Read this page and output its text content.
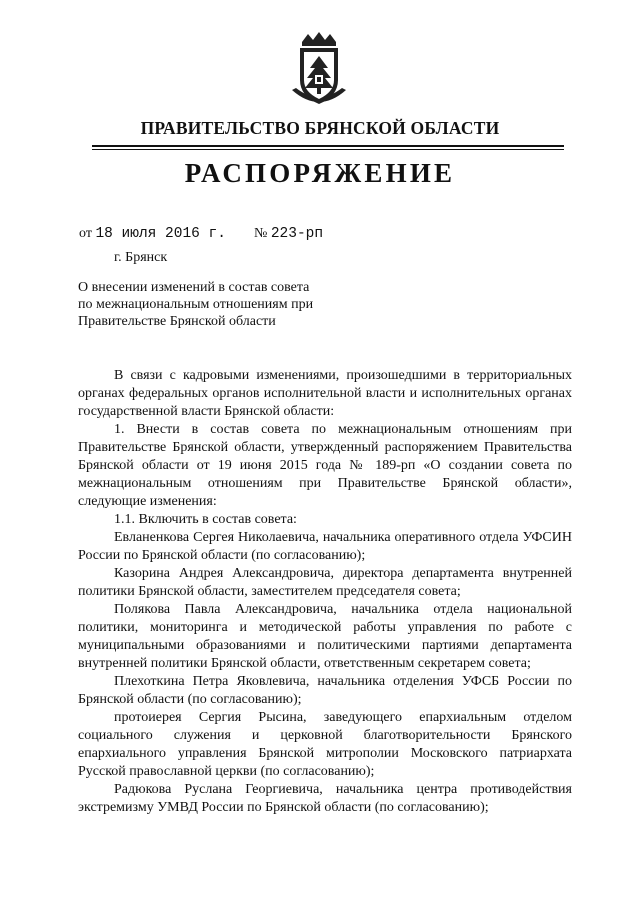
ПРАВИТЕЛЬСТВО БРЯНСКОЙ ОБЛАСТИ
РАСПОРЯЖЕНИЕ
от 18 июля 2016 г. № 223-рп
г. Брянск
О внесении изменений в состав совета
по межнациональным отношениям при
Правительстве Брянской области

В связи с кадровыми изменениями, произошедшими в территориальных органах федеральных органов исполнительной власти и исполнительных органах государственной власти Брянской области:

1. Внести в состав совета по межнациональным отношениям при Правительстве Брянской области, утвержденный распоряжением Правительства Брянской области от 19 июня 2015 года № 189-рп «О создании совета по межнациональным отношениям при Правительстве Брянской области», следующие изменения:

1.1. Включить в состав совета:

Евланенкова Сергея Николаевича, начальника оперативного отдела УФСИН России по Брянской области (по согласованию);

Казорина Андрея Александровича, директора департамента внутренней политики Брянской области, заместителем председателя совета;

Полякова Павла Александровича, начальника отдела национальной политики, мониторинга и методической работы управления по работе с муниципальными образованиями и политическими партиями департамента внутренней политики Брянской области, ответственным секретарем совета;

Плехоткина Петра Яковлевича, начальника отделения УФСБ России по Брянской области (по согласованию);

протоиерея Сергия Рысина, заведующего епархиальным отделом социального служения и церковной благотворительности Брянского епархиального управления Брянской митрополии Московского патриархата Русской православной церкви (по согласованию);

Радюкова Руслана Георгиевича, начальника центра противодействия экстремизму УМВД России по Брянской области (по согласованию);
